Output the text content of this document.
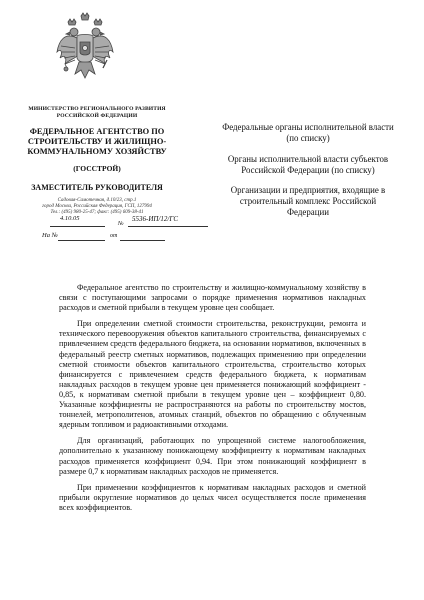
МИНИСТЕРСТВО РЕГИОНАЛЬНОГО РАЗВИТИЯ РОССИЙСКОЙ ФЕДЕРАЦИИ
ФЕДЕРАЛЬНОЕ АГЕНТСТВО ПО СТРОИТЕЛЬСТВУ И ЖИЛИЩНО-КОММУНАЛЬНОМУ ХОЗЯЙСТВУ
(ГОССТРОЙ)
ЗАМЕСТИТЕЛЬ РУКОВОДИТЕЛЯ
Садовая-Самотечная, д.10/23, стр.1
город Москва, Российская Федерация, ГСП, 127994
Тел.: (495) 980-25-47; факс: (495) 609-38-41
4.10.05
№
5536-ИП/12/ГС
На №	от

Федеральные органы исполнительной власти (по списку)

Органы исполнительной власти субъектов Российской Федерации (по списку)

Организации и предприятия, входящие в строительный комплекс Российской Федерации

Федеральное агентство по строительству и жилищно-коммунальному хозяйству в связи с поступающими запросами о порядке применения нормативов накладных расходов и сметной прибыли в текущем уровне цен сообщает.

При определении сметной стоимости строительства, реконструкции, ремонта и технического перевооружения объектов капитального строительства, финансируемых с привлечением средств федерального бюджета, на основании нормативов, включенных в федеральный реестр сметных нормативов, подлежащих применению при определении сметной стоимости объектов капитального строительства, строительство которых финансируется с привлечением средств федерального бюджета, к нормативам накладных расходов в текущем уровне цен применяется понижающий коэффициент - 0,85, к нормативам сметной прибыли в текущем уровне цен – коэффициент 0,80. Указанные коэффициенты не распространяются на работы по строительству мостов, тоннелей, метрополитенов, атомных станций, объектов по обращению с облученным ядерным топливом и радиоактивными отходами.

Для организаций, работающих по упрощенной системе налогообложения, дополнительно к указанному понижающему коэффициенту к нормативам накладных расходов применяется коэффициент 0,94. При этом понижающий коэффициент в размере 0,7 к нормативам накладных расходов не применяется.

При применении коэффициентов к нормативам накладных расходов и сметной прибыли округление нормативов до целых чисел осуществляется после применения всех коэффициентов.
